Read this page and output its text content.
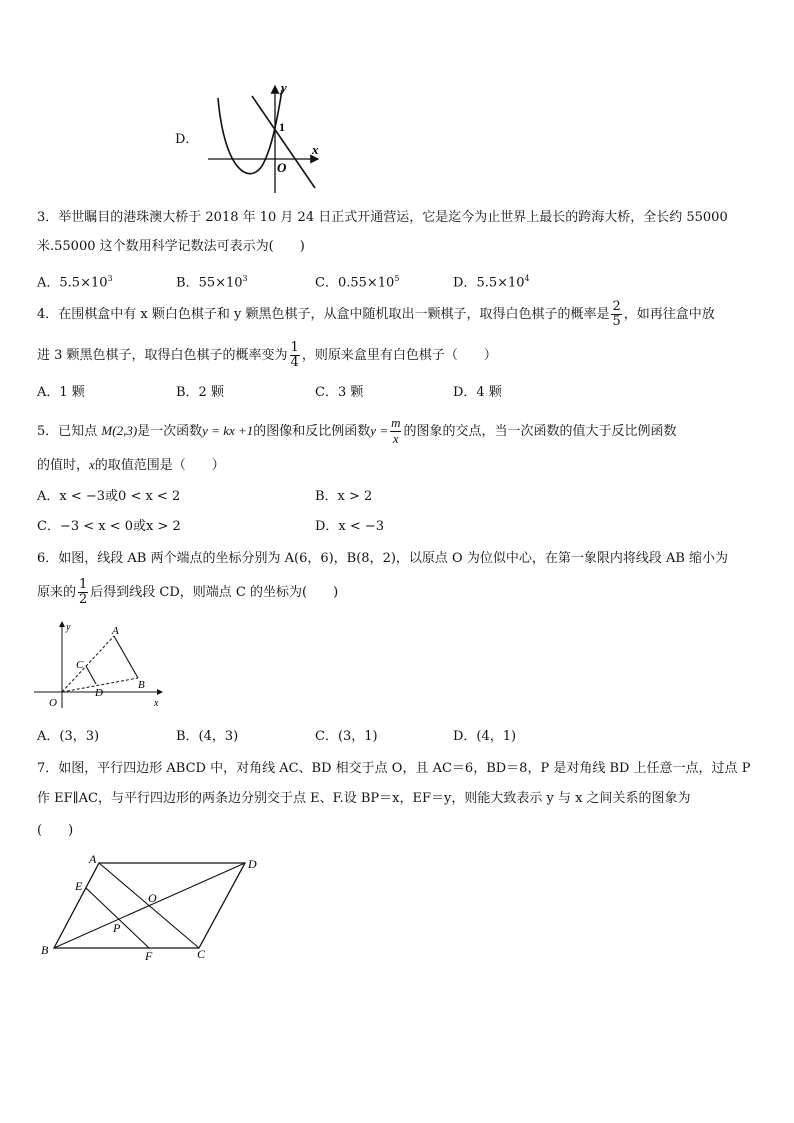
D．
y
x
1
O
3．举世瞩目的港珠澳大桥于 2018 年 10 月 24 日正式开通营运，它是迄今为止世界上最长的跨海大桥，全长约 55000
米.55000 这个数用科学记数法可表示为(　　)
A．$5.5\times 10^3$	B．$55\times 10^3$	C．$0.55\times 10^5$	D．$5.5\times 10^4$
4．在围棋盒中有 x 颗白色棋子和 y 颗黑色棋子，从盒中随机取出一颗棋子，取得白色棋子的概率是 $\frac{2}{5}$ ，如再往盒中放
进 3 颗黑色棋子，取得白色棋子的概率变为 $\frac{1}{4}$ ，则原来盒里有白色棋子（　　）
A．1 颗	B．2 颗	C．3 颗	D．4 颗
5．已知点 M(2,3)是一次函数y = kx +1的图像和反比例函数$y = \frac{m}{x}$ 的图象的交点，当一次函数的值大于反比例函数
的值时，x的取值范围是（　　）
A．x < −3或0 < x < 2	B．x > 2
C．−3 < x < 0或x > 2	D．x < −3
6．如图，线段 AB 两个端点的坐标分别为 A(6，6)，B(8，2)，以原点 O 为位似中心，在第一象限内将线段 AB 缩小为
原来的 $\frac{1}{2}$ 后得到线段 CD，则端点 C 的坐标为(　　)
y
x
O
A
B
C
D
A．(3，3)	B．(4，3)	C．(3，1)	D．(4，1)
7．如图，平行四边形 ABCD 中，对角线 AC、BD 相交于点 O，且 AC＝6，BD＝8，P 是对角线 BD 上任意一点，过点 P
作 EF∥AC，与平行四边形的两条边分别交于点 E、F.设 BP＝x，EF＝y，则能大致表示 y 与 x 之间关系的图象为
(　　)
A	D
B	C
E
F
O
P
